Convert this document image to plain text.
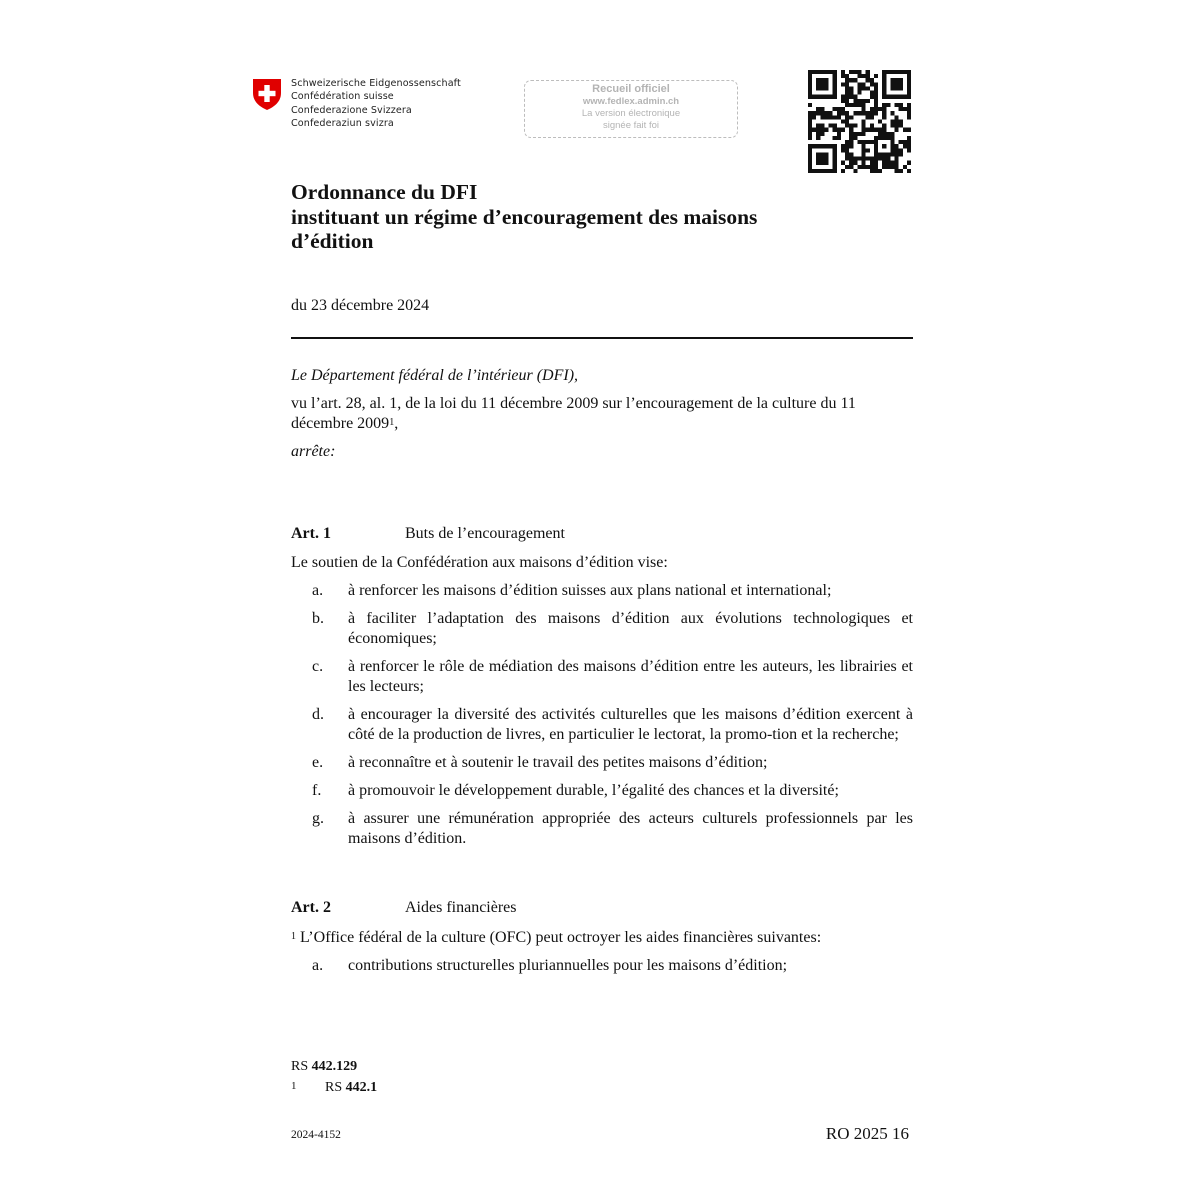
Schweizerische Eidgenossenschaft
Confédération suisse
Confederazione Svizzera
Confederaziun svizra
Recueil officiel
www.fedlex.admin.ch
La version électronique
signée fait foi
Ordonnance du DFI
instituant un régime d’encouragement des maisons
d’édition
du 23 décembre 2024

Le Département fédéral de l’intérieur (DFI),

vu l’art. 28, al. 1, de la loi du 11 décembre 2009 sur l’encouragement de la culture du 11 décembre 2009$^1$,

arrête:

Art. 1	Buts de l’encouragement
Le soutien de la Confédération aux maisons d’édition vise:
a.	à renforcer les maisons d’édition suisses aux plans national et international;
b.	à faciliter l’adaptation des maisons d’édition aux évolutions technologiques et économiques;
c.	à renforcer le rôle de médiation des maisons d’édition entre les auteurs, les librairies et les lecteurs;
d.	à encourager la diversité des activités culturelles que les maisons d’édition exercent à côté de la production de livres, en particulier le lectorat, la promo-tion et la recherche;
e.	à reconnaître et à soutenir le travail des petites maisons d’édition;
f.	à promouvoir le développement durable, l’égalité des chances et la diversité;
g.	à assurer une rémunération appropriée des acteurs culturels professionnels par les maisons d’édition.
Art. 2	Aides financières
$^1$ L’Office fédéral de la culture (OFC) peut octroyer les aides financières suivantes:
a.	contributions structurelles pluriannuelles pour les maisons d’édition;
RS 442.129
1 RS 442.1
2024-4152	RO 2025 16
